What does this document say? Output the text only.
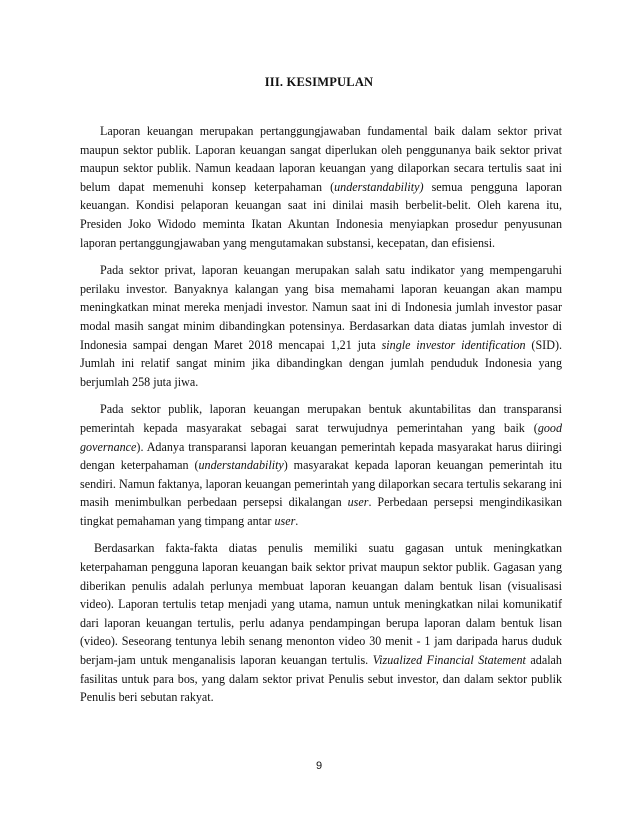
III. KESIMPULAN

Laporan keuangan merupakan pertanggungjawaban fundamental baik dalam sektor privat maupun sektor publik. Laporan keuangan sangat diperlukan oleh penggunanya baik sektor privat maupun sektor publik. Namun keadaan laporan keuangan yang dilaporkan secara tertulis saat ini belum dapat memenuhi konsep keterpahaman (understandability) semua pengguna laporan keuangan. Kondisi pelaporan keuangan saat ini dinilai masih berbelit-belit. Oleh karena itu, Presiden Joko Widodo meminta Ikatan Akuntan Indonesia menyiapkan prosedur penyusunan laporan pertanggungjawaban yang mengutamakan substansi, kecepatan, dan efisiensi.

Pada sektor privat, laporan keuangan merupakan salah satu indikator yang mempengaruhi perilaku investor. Banyaknya kalangan yang bisa memahami laporan keuangan akan mampu meningkatkan minat mereka menjadi investor. Namun saat ini di Indonesia jumlah investor pasar modal masih sangat minim dibandingkan potensinya. Berdasarkan data diatas jumlah investor di Indonesia sampai dengan Maret 2018 mencapai 1,21 juta single investor identification (SID). Jumlah ini relatif sangat minim jika dibandingkan dengan jumlah penduduk Indonesia yang berjumlah 258 juta jiwa.

Pada sektor publik, laporan keuangan merupakan bentuk akuntabilitas dan transparansi pemerintah kepada masyarakat sebagai sarat terwujudnya pemerintahan yang baik (good governance). Adanya transparansi laporan keuangan pemerintah kepada masyarakat harus diiringi dengan keterpahaman (understandability) masyarakat kepada laporan keuangan pemerintah itu sendiri. Namun faktanya, laporan keuangan pemerintah yang dilaporkan secara tertulis sekarang ini masih menimbulkan perbedaan persepsi dikalangan user. Perbedaan persepsi mengindikasikan tingkat pemahaman yang timpang antar user.

Berdasarkan fakta-fakta diatas penulis memiliki suatu gagasan untuk meningkatkan keterpahaman pengguna laporan keuangan baik sektor privat maupun sektor publik. Gagasan yang diberikan penulis adalah perlunya membuat laporan keuangan dalam bentuk lisan (visualisasi video). Laporan tertulis tetap menjadi yang utama, namun untuk meningkatkan nilai komunikatif dari laporan keuangan tertulis, perlu adanya pendampingan berupa laporan dalam bentuk lisan (video). Seseorang tentunya lebih senang menonton video 30 menit - 1 jam daripada harus duduk berjam-jam untuk menganalisis laporan keuangan tertulis. Vizualized Financial Statement adalah fasilitas untuk para bos, yang dalam sektor privat Penulis sebut investor, dan dalam sektor publik Penulis beri sebutan rakyat.

9
